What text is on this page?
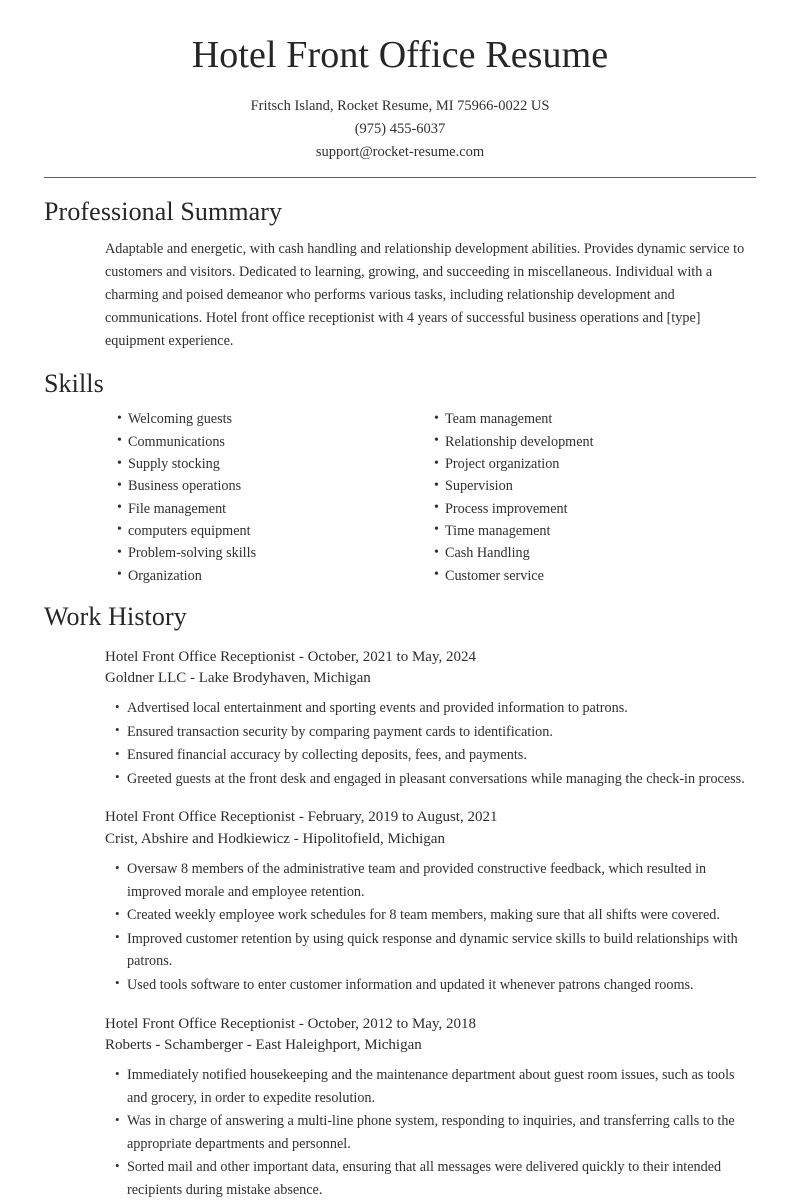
Hotel Front Office Resume
Fritsch Island, Rocket Resume, MI 75966-0022 US
(975) 455-6037
support@rocket-resume.com
Professional Summary

Adaptable and energetic, with cash handling and relationship development abilities. Provides dynamic service to customers and visitors. Dedicated to learning, growing, and succeeding in miscellaneous. Individual with a charming and poised demeanor who performs various tasks, including relationship development and communications. Hotel front office receptionist with 4 years of successful business operations and [type] equipment experience.

Skills
• Welcoming guests
• Communications
• Supply stocking
• Business operations
• File management
• computers equipment
• Problem-solving skills
• Organization
• Team management
• Relationship development
• Project organization
• Supervision
• Process improvement
• Time management
• Cash Handling
• Customer service
Work History
Hotel Front Office Receptionist - October, 2021 to May, 2024
Goldner LLC - Lake Brodyhaven, Michigan
• Advertised local entertainment and sporting events and provided information to patrons.
• Ensured transaction security by comparing payment cards to identification.
• Ensured financial accuracy by collecting deposits, fees, and payments.
• Greeted guests at the front desk and engaged in pleasant conversations while managing the check-in process.
Hotel Front Office Receptionist - February, 2019 to August, 2021
Crist, Abshire and Hodkiewicz - Hipolitofield, Michigan
• Oversaw 8 members of the administrative team and provided constructive feedback, which resulted in improved morale and employee retention.
• Created weekly employee work schedules for 8 team members, making sure that all shifts were covered.
• Improved customer retention by using quick response and dynamic service skills to build relationships with patrons.
• Used tools software to enter customer information and updated it whenever patrons changed rooms.
Hotel Front Office Receptionist - October, 2012 to May, 2018
Roberts - Schamberger - East Haleighport, Michigan
• Immediately notified housekeeping and the maintenance department about guest room issues, such as tools and grocery, in order to expedite resolution.
• Was in charge of answering a multi-line phone system, responding to inquiries, and transferring calls to the appropriate departments and personnel.
• Sorted mail and other important data, ensuring that all messages were delivered quickly to their intended recipients during mistake absence.
